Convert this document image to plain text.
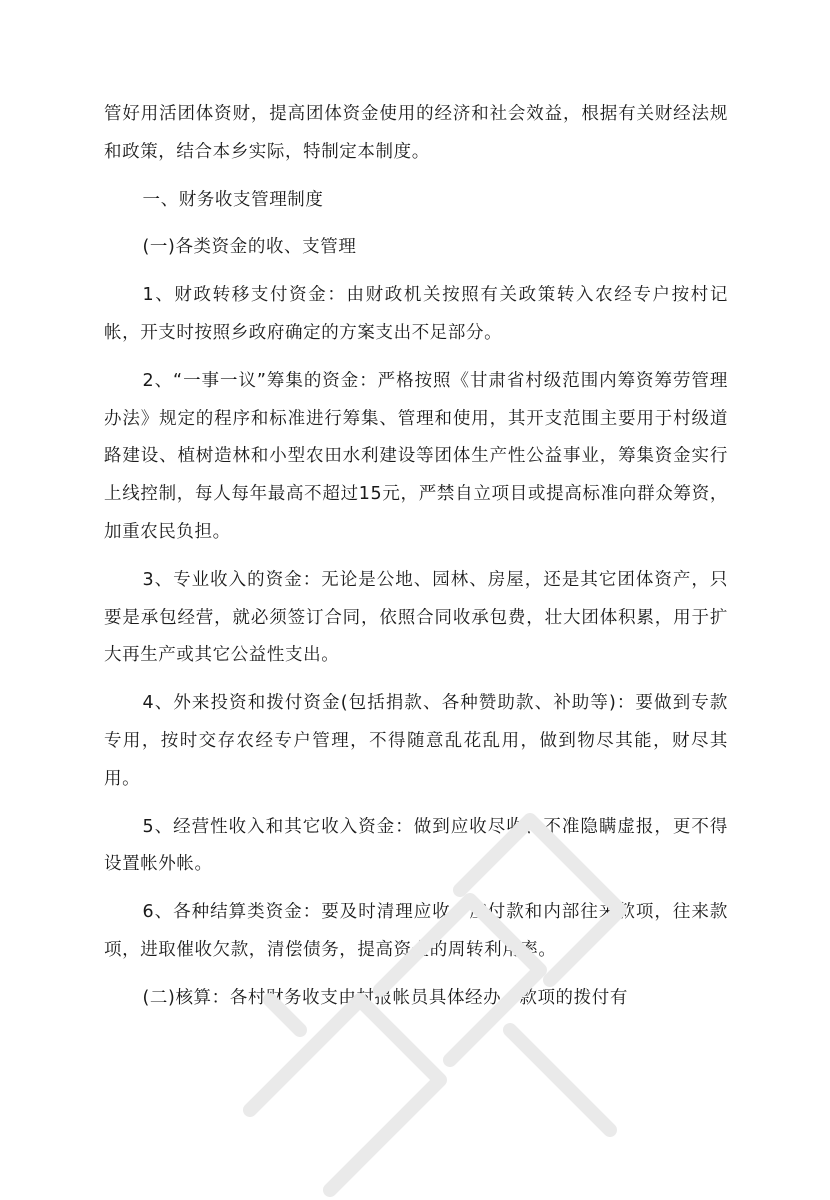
管好用活团体资财，提高团体资金使用的经济和社会效益，根据有关财经法规和政策，结合本乡实际，特制定本制度。

一、财务收支管理制度

(一)各类资金的收、支管理

1、财政转移支付资金：由财政机关按照有关政策转入农经专户按村记帐，开支时按照乡政府确定的方案支出不足部分。

2、“一事一议”筹集的资金：严格按照《甘肃省村级范围内筹资筹劳管理办法》规定的程序和标准进行筹集、管理和使用，其开支范围主要用于村级道路建设、植树造林和小型农田水利建设等团体生产性公益事业，筹集资金实行上线控制，每人每年最高不超过15元，严禁自立项目或提高标准向群众筹资，加重农民负担。

3、专业收入的资金：无论是公地、园林、房屋，还是其它团体资产，只要是承包经营，就必须签订合同，依照合同收承包费，壮大团体积累，用于扩大再生产或其它公益性支出。

4、外来投资和拨付资金(包括捐款、各种赞助款、补助等)：要做到专款专用，按时交存农经专户管理，不得随意乱花乱用，做到物尽其能，财尽其用。

5、经营性收入和其它收入资金：做到应收尽收、不准隐瞒虚报，更不得设置帐外帐。

6、各种结算类资金：要及时清理应收、应付款和内部往来款项，往来款项，进取催收欠款，清偿债务，提高资金的周转利用率。

(二)核算：各村财务收支由村报帐员具体经办，款项的拨付有
